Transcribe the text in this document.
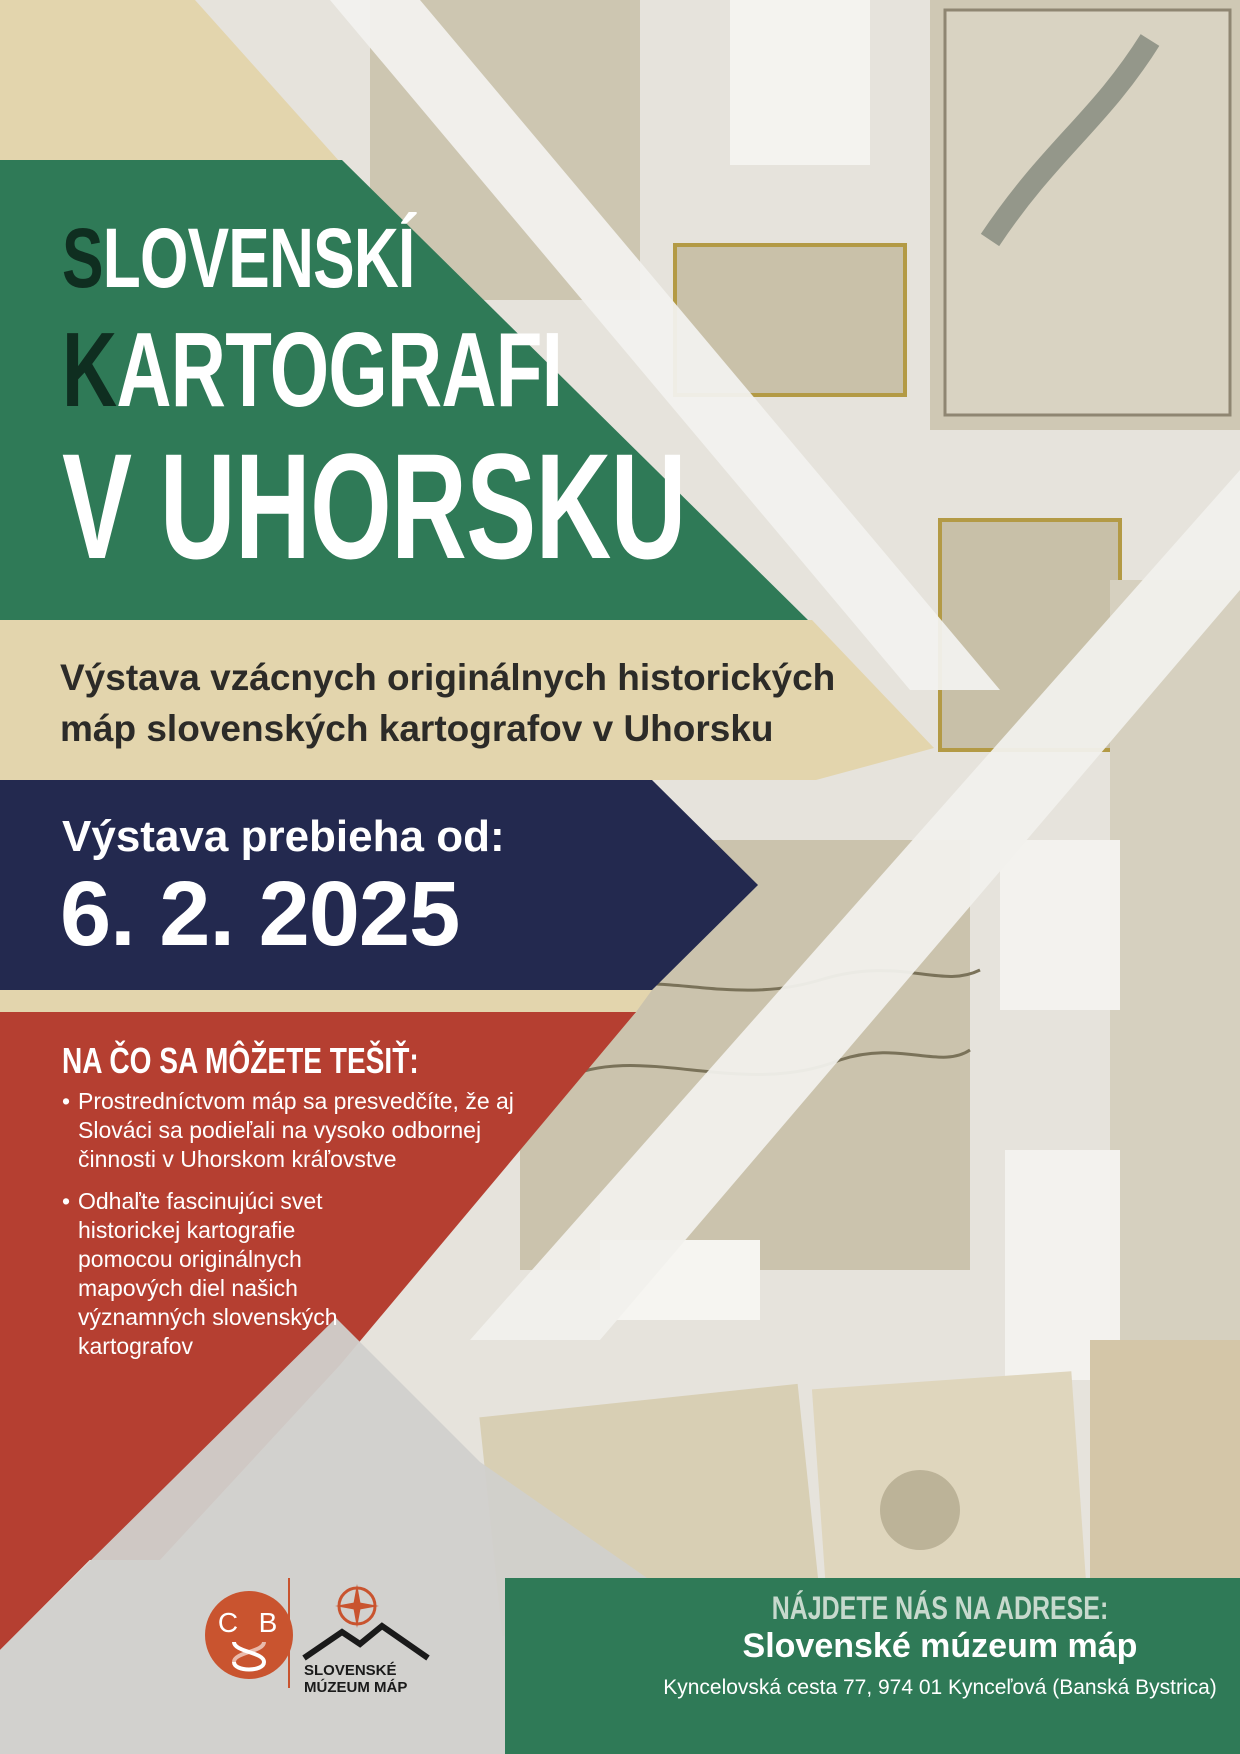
SLOVENSKÍ
KARTOGRAFI
V UHORSKU
Výstava vzácnych originálnych historických
máp slovenských kartografov v Uhorsku
Výstava prebieha od:
6. 2. 2025
NA ČO SA MÔŽETE TEŠIŤ:
• Prostredníctvom máp sa presvedčíte, že aj Slováci sa podieľali na vysoko odbornej činnosti v Uhorskom kráľovstve
• Odhaľte fascinujúci svet historickej kartografie pomocou originálnych mapových diel našich významných slovenských kartografov
C B
SLOVENSKÉ
MÚZEUM MÁP
NÁJDETE NÁS NA ADRESE:
Slovenské múzeum máp
Kyncelovská cesta 77, 974 01 Kynceľová (Banská Bystrica)
